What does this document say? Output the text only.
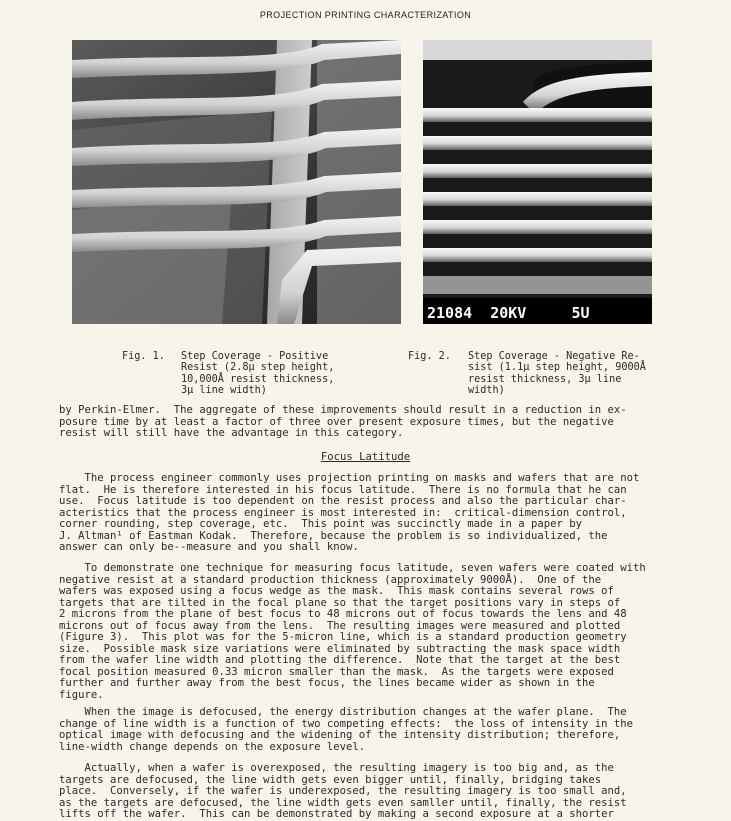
PROJECTION PRINTING CHARACTERIZATION
21084  20KV     5U
Fig. 1. Step Coverage - Positive
Resist (2.8μ step height,
10,000Å resist thickness,
3μ line width)
Fig. 2. Step Coverage - Negative Re-
sist (1.1μ step height, 9000Å
resist thickness, 3μ line
width)
by Perkin-Elmer.  The aggregate of these improvements should result in a reduction in ex-
posure time by at least a factor of three over present exposure times, but the negative
resist will still have the advantage in this category.
Focus Latitude
The process engineer commonly uses projection printing on masks and wafers that are not
flat.  He is therefore interested in his focus latitude.  There is no formula that he can
use.  Focus latitude is too dependent on the resist process and also the particular char-
acteristics that the process engineer is most interested in:  critical-dimension control,
corner rounding, step coverage, etc.  This point was succinctly made in a paper by
J. Altman¹ of Eastman Kodak.  Therefore, because the problem is so individualized, the
answer can only be--measure and you shall know.
To demonstrate one technique for measuring focus latitude, seven wafers were coated with
negative resist at a standard production thickness (approximately 9000Å).  One of the
wafers was exposed using a focus wedge as the mask.  This mask contains several rows of
targets that are tilted in the focal plane so that the target positions vary in steps of
2 microns from the plane of best focus to 48 microns out of focus towards the lens and 48
microns out of focus away from the lens.  The resulting images were measured and plotted
(Figure 3).  This plot was for the 5-micron line, which is a standard production geometry
size.  Possible mask size variations were eliminated by subtracting the mask space width
from the wafer line width and plotting the difference.  Note that the target at the best
focal position measured 0.33 micron smaller than the mask.  As the targets were exposed
further and further away from the best focus, the lines became wider as shown in the
figure.
When the image is defocused, the energy distribution changes at the wafer plane.  The
change of line width is a function of two competing effects:  the loss of intensity in the
optical image with defocusing and the widening of the intensity distribution; therefore,
line-width change depends on the exposure level.
Actually, when a wafer is overexposed, the resulting imagery is too big and, as the
targets are defocused, the line width gets even bigger until, finally, bridging takes
place.  Conversely, if the wafer is underexposed, the resulting imagery is too small and,
as the targets are defocused, the line width gets even samller until, finally, the resist
lifts off the wafer.  This can be demonstrated by making a second exposure at a shorter
